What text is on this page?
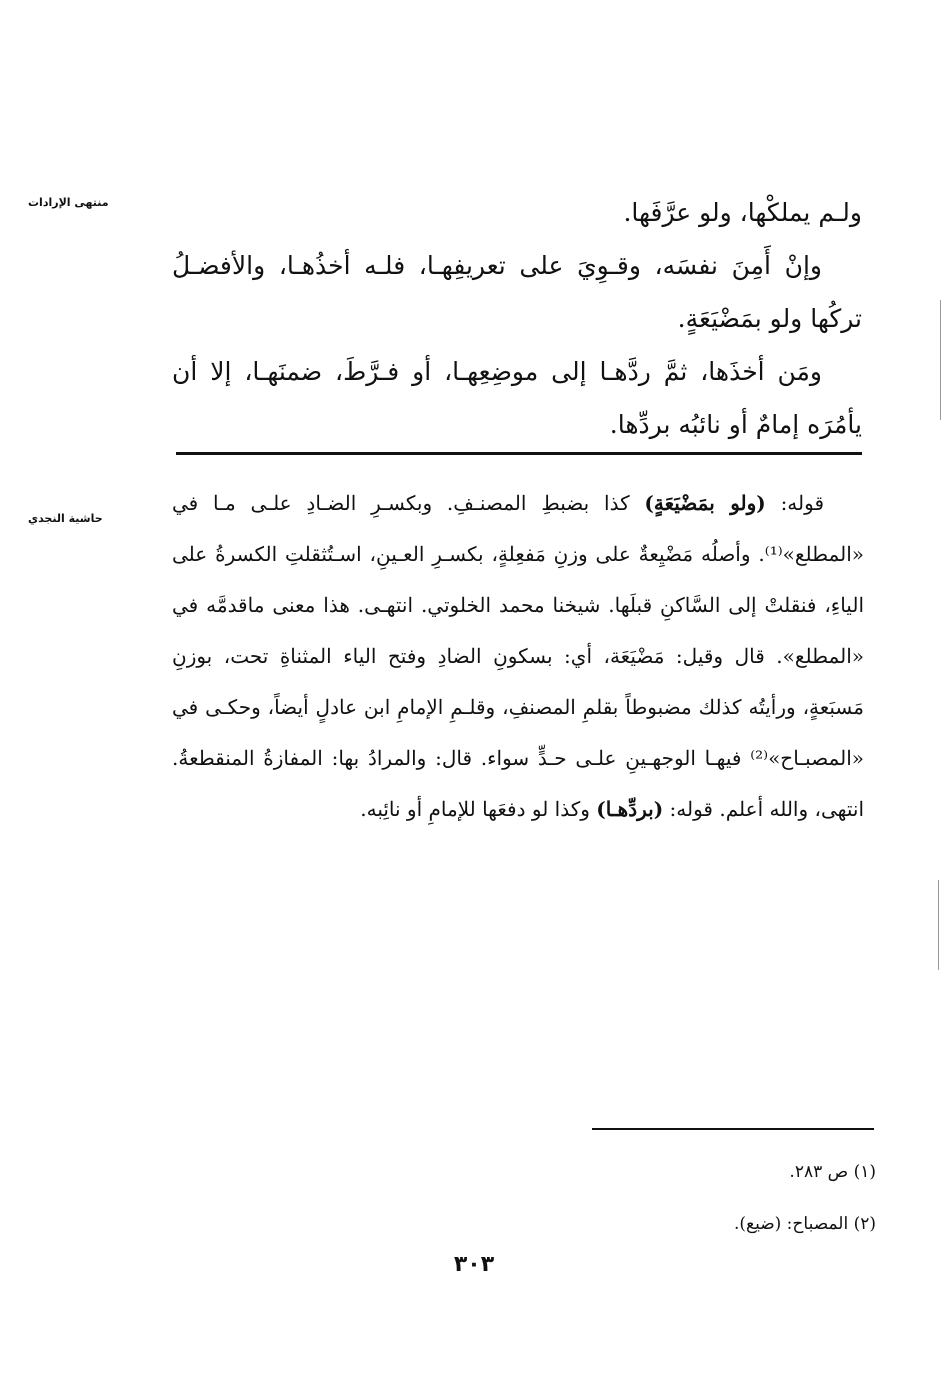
منتهى الإرادات	ولـم يملكْها، ولو عرَّفَها.

وإنْ أَمِنَ نفسَه، وقـوِيَ على تعريفِهـا، فلـه أخذُهـا، والأفضـلُ تركُها ولو بمَضْيَعَةٍ.

ومَن أخذَها، ثمَّ ردَّهـا إلى موضِعِهـا، أو فـرَّطَ، ضمنَهـا، إلا أن يأمُرَه إمامٌ أو نائبُه بردِّها.

حاشية النجدي

قوله: (ولو بمَضْيَعَةٍ) كذا بضبطِ المصنـفِ. وبكسـرِ الضـادِ علـى مـا في «المطلع»⁽¹⁾. وأصلُه مَضْيِعةٌ على وزنِ مَفعِلةٍ، بكسـرِ العـينِ، اسـتُثقلتِ الكسرةُ على الياءِ، فنقلتْ إلى السَّاكنِ قبلَها. شيخنا محمد الخلوتي. انتهـى. هذا معنى ماقدمَّه في «المطلع». قال وقيل: مَضْيَعَة، أي: بسكونِ الضادِ وفتح الياء المثناةِ تحت، بوزنِ مَسبَعةٍ، ورأيتُه كذلك مضبوطاً بقلمِ المصنفِ، وقلـمِ الإمامِ ابن عادلٍ أيضاً، وحكـى في «المصبـاح»⁽²⁾ فيهـا الوجهـينِ علـى حـدٍّ سواء. قال: والمرادُ بها: المفازةُ المنقطعةُ. انتهى، والله أعلم. قوله: (بردِّهـا) وكذا لو دفعَها للإمامِ أو نائِبه.

(١) ص ٢٨٣.
(٢) المصباح: (ضيع).
٣٠٣
